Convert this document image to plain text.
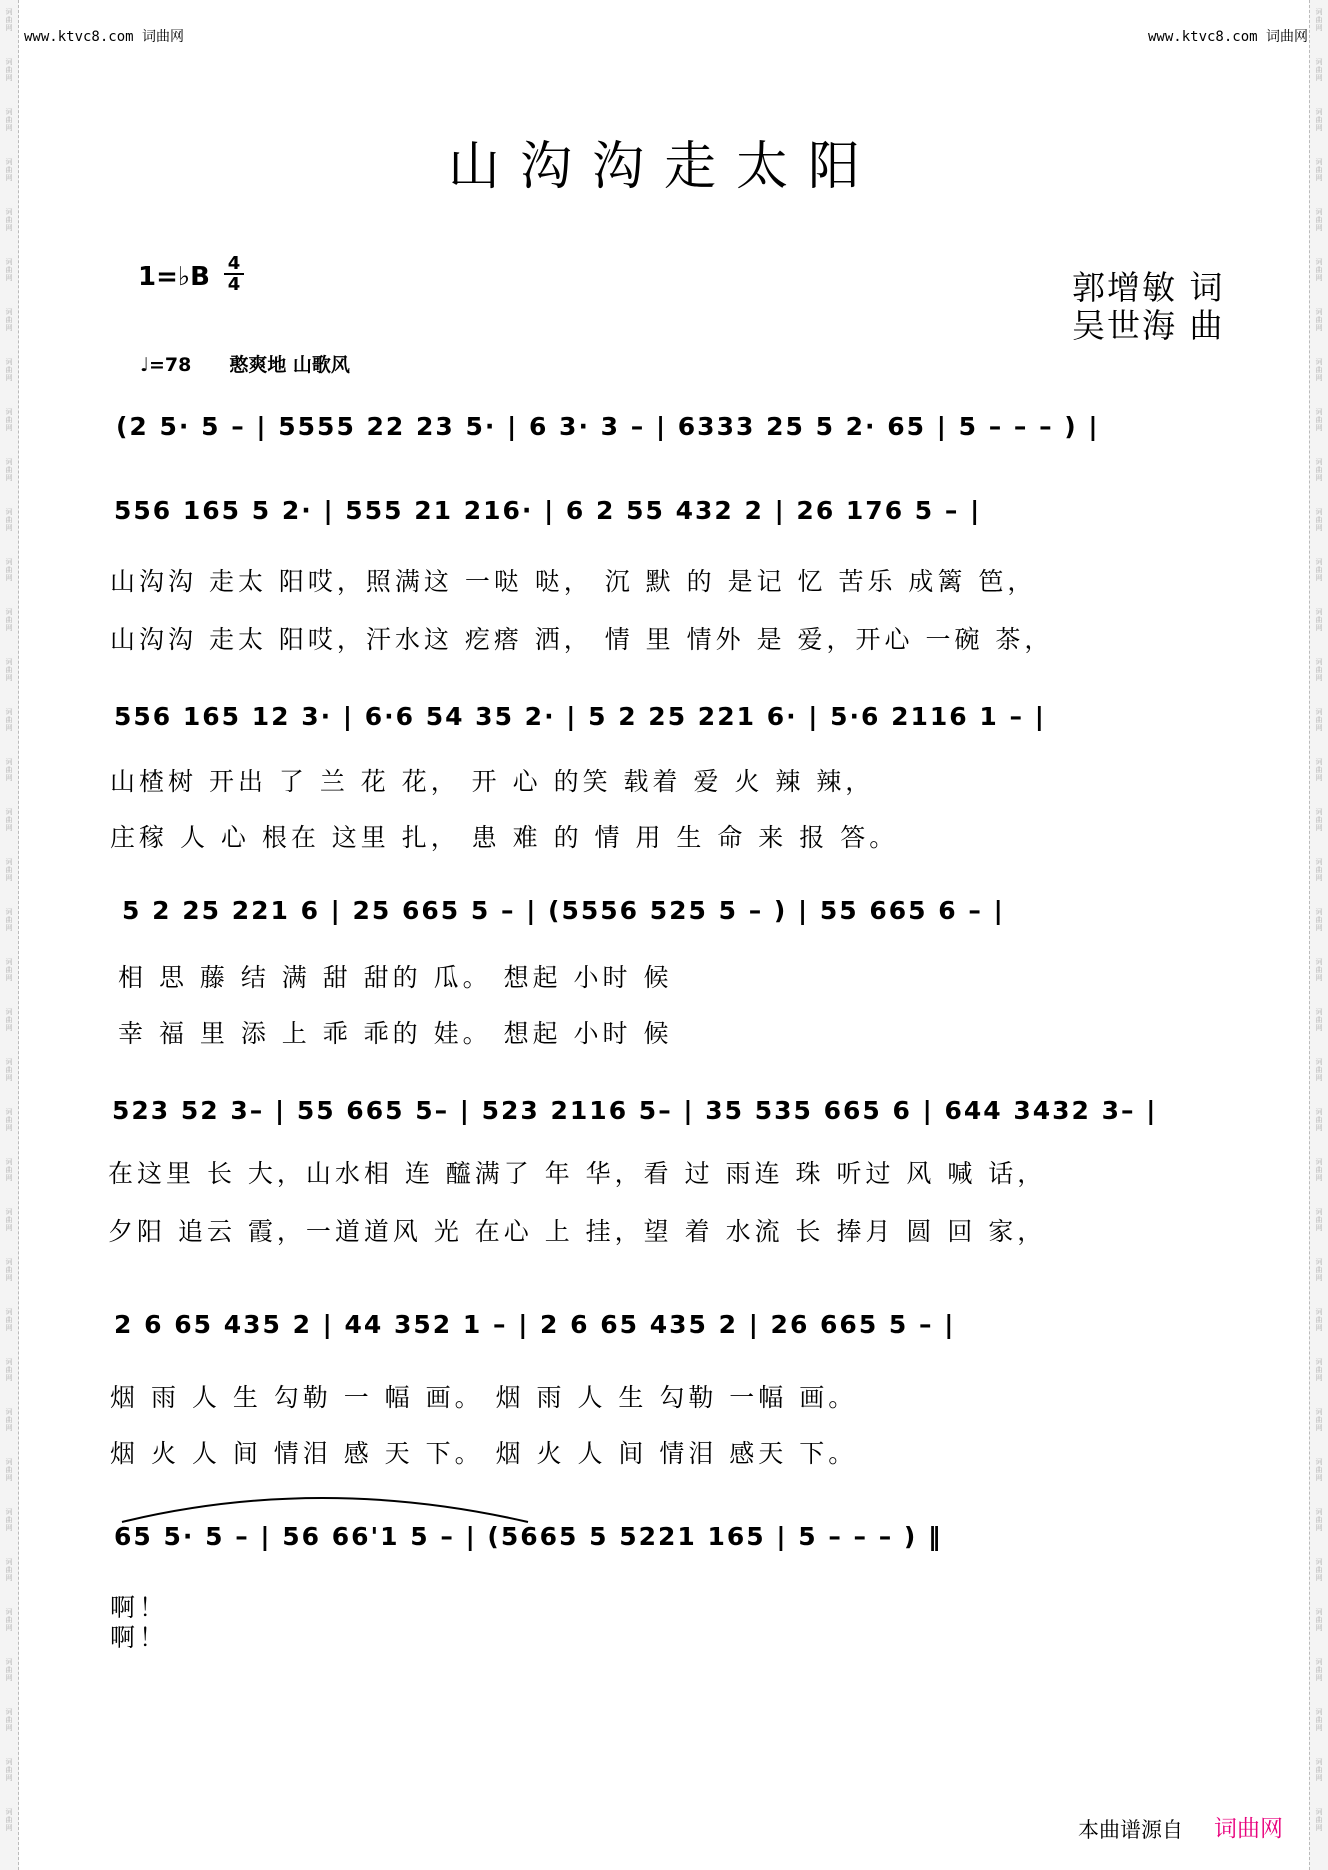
词
曲
网
词
曲
网
词
曲
网
词
曲
网
词
曲
网
词
曲
网
词
曲
网
词
曲
网
词
曲
网
词
曲
网
词
曲
网
词
曲
网
词
曲
网
词
曲
网
词
曲
网
词
曲
网
词
曲
网
词
曲
网
词
曲
网
词
曲
网
词
曲
网
词
曲
网
词
曲
网
词
曲
网
词
曲
网
词
曲
网
词
曲
网
词
曲
网
词
曲
网
词
曲
网
词
曲
网
词
曲
网
词
曲
网
词
曲
网
词
曲
网
词
曲
网
词
曲
网
词
曲
网
词
曲
网
词
曲
网
词
曲
网
词
曲
网
词
曲
网
词
曲
网
词
曲
网
词
曲
网
词
曲
网
词
曲
网
词
曲
网
词
曲
网
词
曲
网
词
曲
网
词
曲
网
词
曲
网
词
曲
网
词
曲
网
词
曲
网
词
曲
网
词
曲
网
词
曲
网
词
曲
网
词
曲
网
词
曲
网
词
曲
网
词
曲
网
词
曲
网
词
曲
网
词
曲
网
词
曲
网
词
曲
网
词
曲
网
词
曲
网
词
曲
网
词
曲
网
www.ktvc8.com 词曲网	www.ktvc8.com 词曲网
山沟沟走太阳
1=♭B 4
4	郭增敏 词
吴世海 曲
♩=78　　憨爽地 山歌风
(2 5· 5 – | 5555 22 23 5· | 6 3· 3 – | 6333 25 5 2· 65 | 5 – – – ) |
556 165 5 2· | 555 21 216· | 6 2 55 432 2 | 26 176 5 – |
山沟沟 走太 阳哎，照满这 一哒 哒， 沉 默 的 是记 忆 苦乐 成篱 笆，
山沟沟 走太 阳哎，汗水这 疙瘩 洒， 情 里 情外 是 爱，开心 一碗 茶，
556 165 12 3· | 6·6 54 35 2· | 5 2 25 221 6· | 5·6 2116 1 – |
山楂树 开出 了 兰 花 花， 开 心 的笑 载着 爱 火 辣 辣，
庄稼 人 心 根在 这里 扎， 患 难 的 情 用 生 命 来 报 答。
5 2 25 221 6 | 25 665 5 – | (5556 525 5 – ) | 55 665 6 – |
相 思 藤 结 满 甜 甜的 瓜。 想起 小时 候
幸 福 里 添 上 乖 乖的 娃。 想起 小时 候
523 52 3– | 55 665 5– | 523 2116 5– | 35 535 665 6 | 644 3432 3– |
在这里 长 大，山水相 连 醯满了 年 华，看 过 雨连 珠 听过 风 喊 话，
夕阳 追云 霞，一道道风 光 在心 上 挂，望 着 水流 长 捧月 圆 回 家，
2 6 65 435 2 | 44 352 1 – | 2 6 65 435 2 | 26 665 5 – |
烟 雨 人 生 勾勒 一 幅 画。 烟 雨 人 生 勾勒 一幅 画。
烟 火 人 间 情泪 感 天 下。 烟 火 人 间 情泪 感天 下。
65 5· 5 – | 56 66'1 5 – | (5665 5 5221 165 | 5 – – – ) ‖
啊！
啊！
本曲谱源自 词曲网
